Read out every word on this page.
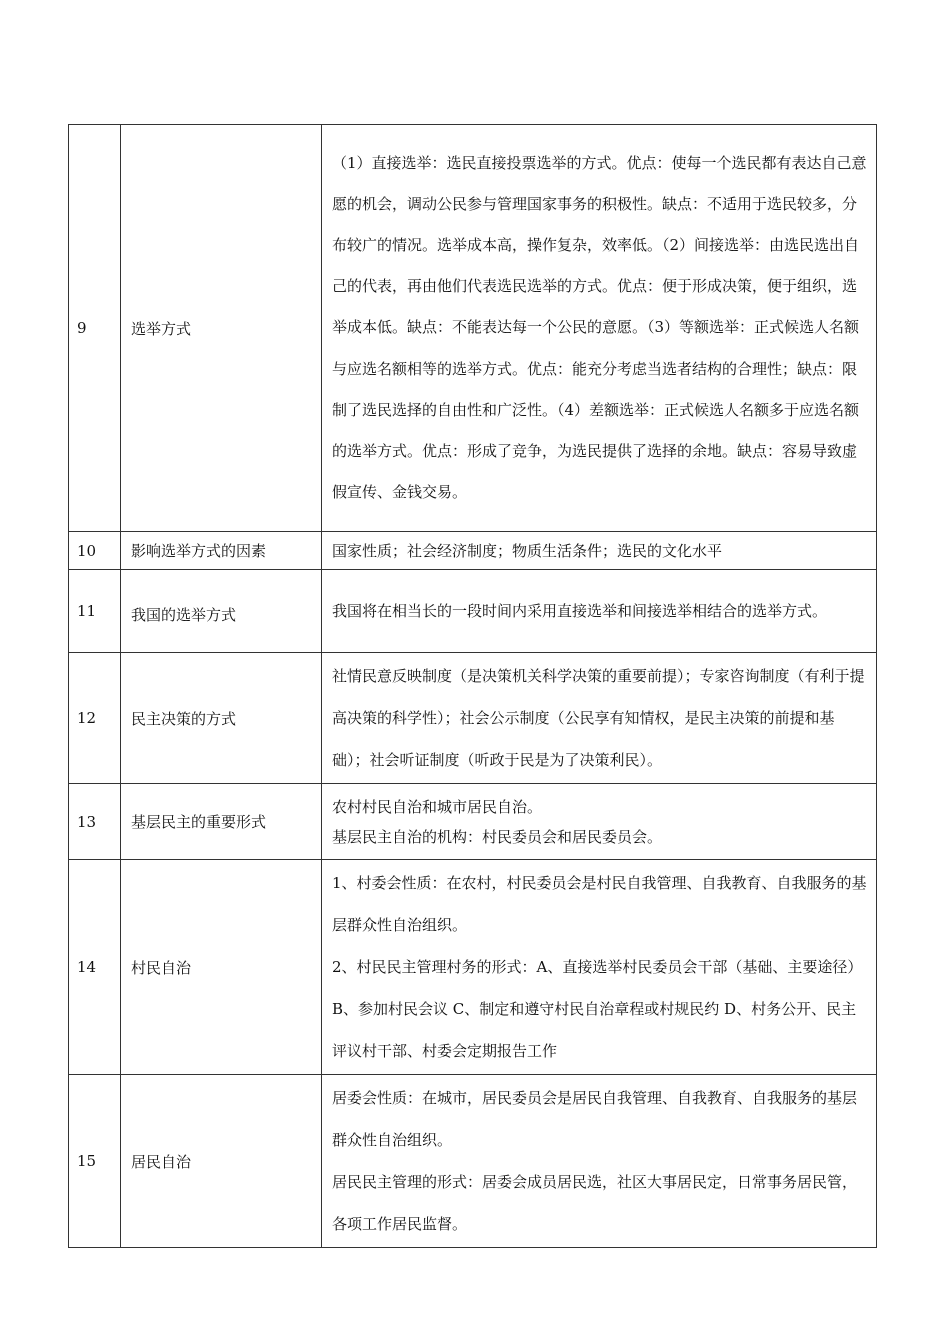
9	选举方式	（1）直接选举：选民直接投票选举的方式。优点：使每一个选民都有表达自己意愿的机会，调动公民参与管理国家事务的积极性。缺点：不适用于选民较多，分布较广的情况。选举成本高，操作复杂，效率低。（2）间接选举：由选民选出自己的代表，再由他们代表选民选举的方式。优点：便于形成决策，便于组织，选举成本低。缺点：不能表达每一个公民的意愿。（3）等额选举：正式候选人名额与应选名额相等的选举方式。优点：能充分考虑当选者结构的合理性；缺点：限制了选民选择的自由性和广泛性。（4）差额选举：正式候选人名额多于应选名额的选举方式。优点：形成了竞争，为选民提供了选择的余地。缺点：容易导致虚假宣传、金钱交易。

10	影响选举方式的因素	国家性质；社会经济制度；物质生活条件；选民的文化水平

11	我国的选举方式	我国将在相当长的一段时间内采用直接选举和间接选举相结合的选举方式。

12	民主决策的方式	社情民意反映制度（是决策机关科学决策的重要前提）；专家咨询制度（有利于提高决策的科学性）；社会公示制度（公民享有知情权，是民主决策的前提和基础）；社会听证制度（听政于民是为了决策利民）。

13	基层民主的重要形式	农村村民自治和城市居民自治。
基层民主自治的机构：村民委员会和居民委员会。

14	村民自治	1、村委会性质：在农村，村民委员会是村民自我管理、自我教育、自我服务的基层群众性自治组织。
2、村民民主管理村务的形式：A、直接选举村民委员会干部（基础、主要途径）B、参加村民会议 C、制定和遵守村民自治章程或村规民约 D、村务公开、民主评议村干部、村委会定期报告工作

15	居民自治	居委会性质：在城市，居民委员会是居民自我管理、自我教育、自我服务的基层群众性自治组织。
居民民主管理的形式：居委会成员居民选，社区大事居民定，日常事务居民管，各项工作居民监督。
